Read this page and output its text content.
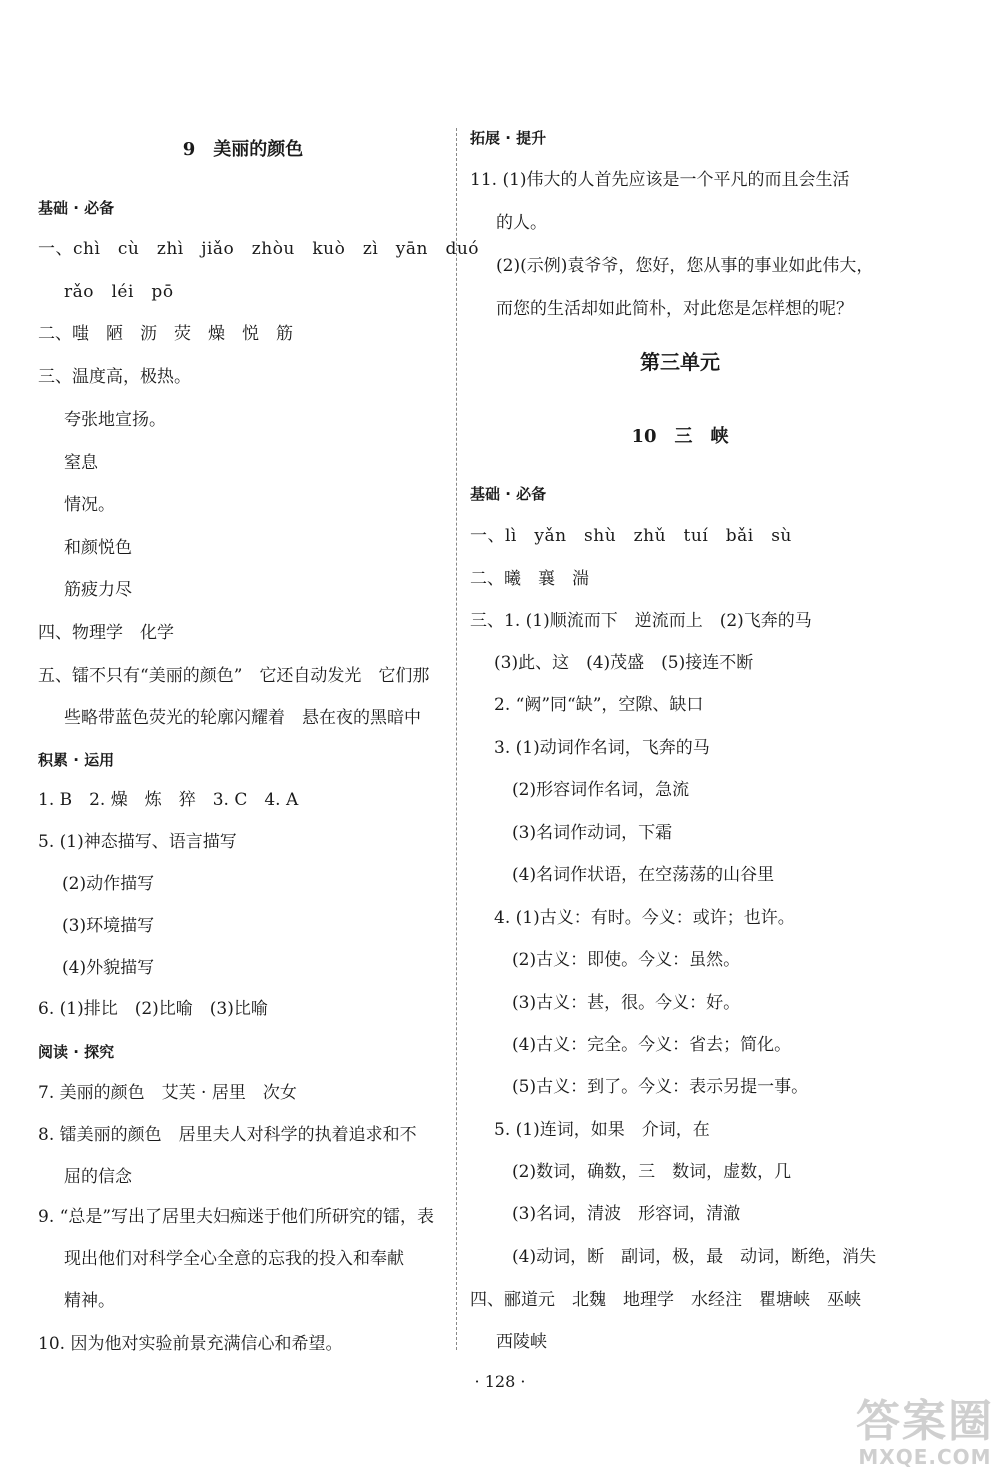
9　美丽的颜色
基础 · 必备
一、chì　cù　zhì　jiǎo　zhòu　kuò　zì　yān　duó
rǎo　léi　pō
二、嗤　陋　沥　荧　燥　悦　筋
三、温度高，极热。
夸张地宣扬。
窒息
情况。
和颜悦色
筋疲力尽
四、物理学　化学
五、镭不只有“美丽的颜色”　它还自动发光　它们那
些略带蓝色荧光的轮廓闪耀着　悬在夜的黑暗中
积累 · 运用
1. B　2. 燥　炼　猝　3. C　4. A
5. (1)神态描写、语言描写
(2)动作描写
(3)环境描写
(4)外貌描写
6. (1)排比　(2)比喻　(3)比喻
阅读 · 探究
7. 美丽的颜色　艾芙 · 居里　次女
8. 镭美丽的颜色　居里夫人对科学的执着追求和不
屈的信念
9. “总是”写出了居里夫妇痴迷于他们所研究的镭，表
现出他们对科学全心全意的忘我的投入和奉献
精神。
10. 因为他对实验前景充满信心和希望。
拓展 · 提升
11. (1)伟大的人首先应该是一个平凡的而且会生活
的人。
(2)(示例)袁爷爷，您好，您从事的事业如此伟大，
而您的生活却如此简朴，对此您是怎样想的呢？
第三单元
10　三　峡
基础 · 必备
一、lì　yǎn　shù　zhǔ　tuí　bǎi　sù
二、曦　襄　湍
三、1. (1)顺流而下　逆流而上　(2)飞奔的马
(3)此、这　(4)茂盛　(5)接连不断
2. “阙”同“缺”，空隙、缺口
3. (1)动词作名词，飞奔的马
(2)形容词作名词，急流
(3)名词作动词，下霜
(4)名词作状语，在空荡荡的山谷里
4. (1)古义：有时。今义：或许；也许。
(2)古义：即使。今义：虽然。
(3)古义：甚，很。今义：好。
(4)古义：完全。今义：省去；简化。
(5)古义：到了。今义：表示另提一事。
5. (1)连词，如果　介词，在
(2)数词，确数，三　数词，虚数，几
(3)名词，清波　形容词，清澈
(4)动词，断　副词，极，最　动词，断绝，消失
四、郦道元　北魏　地理学　水经注　瞿塘峡　巫峡
西陵峡
· 128 ·
答案圈
MXQE.COM
